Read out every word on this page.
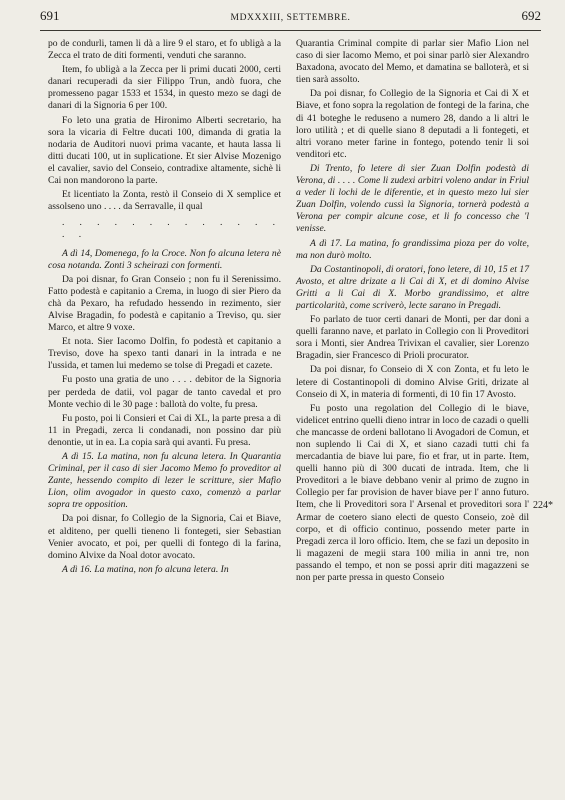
691	MDXXXIII, SETTEMBRE.	692

po de condurli, tamen li dà a lire 9 el staro, et fo ubligà a la Zecca el trato de diti formenti, venduti che saranno.

Item, fo ubligà a la Zecca per li primi ducati 2000, certi danari recuperadi da sier Filippo Trun, andò fuora, che promesseno pagar 1533 et 1534, in questo mezo se dagi de danari di la Signoria 6 per 100.

Fo leto una gratia de Hironimo Alberti secretario, ha sora la vicaria di Feltre ducati 100, dimanda di gratia la nodaria de Auditori nuovi prima vacante, et hauta lassa li ditti ducati 100, ut in suplicatione. Et sier Alvise Mozenigo el cavalier, savio del Conseio, contradixe altamente, sichè li Cai non mandorono la parte.

Et licentiato la Zonta, restò il Conseio di X semplice et assolseno uno . . . . da Serravalle, il qual

. . . . . . . . . . . . . . .

A dì 14, Domenega, fo la Croce. Non fo alcuna letera nè cosa notanda. Zonti 3 scheirazi con formenti.

Da poi disnar, fo Gran Conseio ; non fu il Serenissimo. Fatto podestà e capitanio a Crema, in luogo di sier Piero da chà da Pexaro, ha refudado hessendo in rezimento, sier Alvise Bragadin, fo podestà e capitanio a Treviso, qu. sier Marco, et altre 9 voxe.

Et nota. Sier Iacomo Dolfin, fo podestà et capitanio a Treviso, dove ha spexo tanti danari in la intrada e ne l'ussida, et tamen lui medemo se tolse di Pregadi et cazete.

Fu posto una gratia de uno . . . . debitor de la Signoria per perdeda de datii, vol pagar de tanto cavedal et pro Monte vechio di le 30 page : ballotà do volte, fu presa.

Fu posto, poi li Consieri et Cai di XL, la parte presa a dì 11 in Pregadi, zerca li condanadi, non possino dar più denontie, ut in ea. La copia sarà qui avanti. Fu presa.

A dì 15. La matina, non fu alcuna letera. In Quarantia Criminal, per il caso di sier Jacomo Memo fo proveditor al Zante, hessendo compito di lezer le scritture, sier Mafio Lion, olim avogador in questo caxo, comenzò a parlar sopra tre opposition.

Da poi disnar, fo Collegio de la Signoria, Cai et Biave, et alditeno, per quelli tieneno li fontegeti, sier Sebastian Venier avocato, et poi, per quelli di fontego di la farina, domino Alvixe da Noal dotor avocato.

A dì 16. La matina, non fo alcuna letera. In

Quarantia Criminal compite di parlar sier Mafio Lion nel caso di sier Iacomo Memo, et poi sinar parlò sier Alexandro Baxadona, avocato del Memo, et damatina se balloterà, et si tien sarà assolto.

Da poi disnar, fo Collegio de la Signoria et Cai di X et Biave, et fono sopra la regolation de fontegi de la farina, che di 41 boteghe le reduseno a numero 28, dando a li altri le loro utilità ; et di quelle siano 8 deputadi a li fontegeti, et altri vorano meter farine in fontego, potendo tenir li soi venditori etc.

Di Trento, fo letere di sier Zuan Dolfin podestà di Verona, di . . . . Come li zudexi arbitri voleno andar in Friul a veder li lochi de le diferentie, et in questo mezo lui sier Zuan Dolfin, volendo cussì la Signoria, tornerà podestà a Verona per compir alcune cose, et li fo concesso che 'l venisse.

A dì 17. La matina, fo grandissima pioza per do volte, ma non durò molto.

Da Costantinopoli, di oratori, fono letere, di 10, 15 et 17 Avosto, et altre drizate a li Cai di X, et di domino Alvise Gritti a li Cai di X. Morbo grandissimo, et altre particolarità, come scriverò, lecte sarano in Pregadi.

Fo parlato de tuor certi danari de Monti, per dar doni a quelli faranno nave, et parlato in Collegio con li Proveditori sora i Monti, sier Andrea Trivixan el cavalier, sier Lorenzo Bragadin, sier Francesco di Prioli procurator.

Da poi disnar, fo Conseio di X con Zonta, et fu leto le letere di Costantinopoli di domino Alvise Griti, drizate al Conseio di X, in materia di formenti, di 10 fin 17 Avosto.

Fu posto una regolation del Collegio di le biave, videlicet entrino quelli dieno intrar in loco de cazadi o quelli che mancasse de ordeni ballotano li Avogadori de Comun, et non suplendo li Cai di X, et siano cazadi tutti chi fa mercadantia de biave lui pare, fio et frar, ut in parte. Item, quelli hanno più di 300 ducati de intrada. Item, che li Proveditori a le biave debbano venir al primo de zugno in Collegio per far provision de haver biave per l' anno futuro. Item, che li Proveditori sora l' Arsenal et proveditori sora l' Armar de coetero siano electi de questo Conseio, zoè dil corpo, et di officio continuo, possendo meter parte in Pregadi zerca il loro officio. Item, che se fazi un deposito in li magazeni de megii stara 100 milia in anni tre, non passando el tempo, et non se possi aprir diti magazzeni se non per parte pressa in questo Conseio

224*
